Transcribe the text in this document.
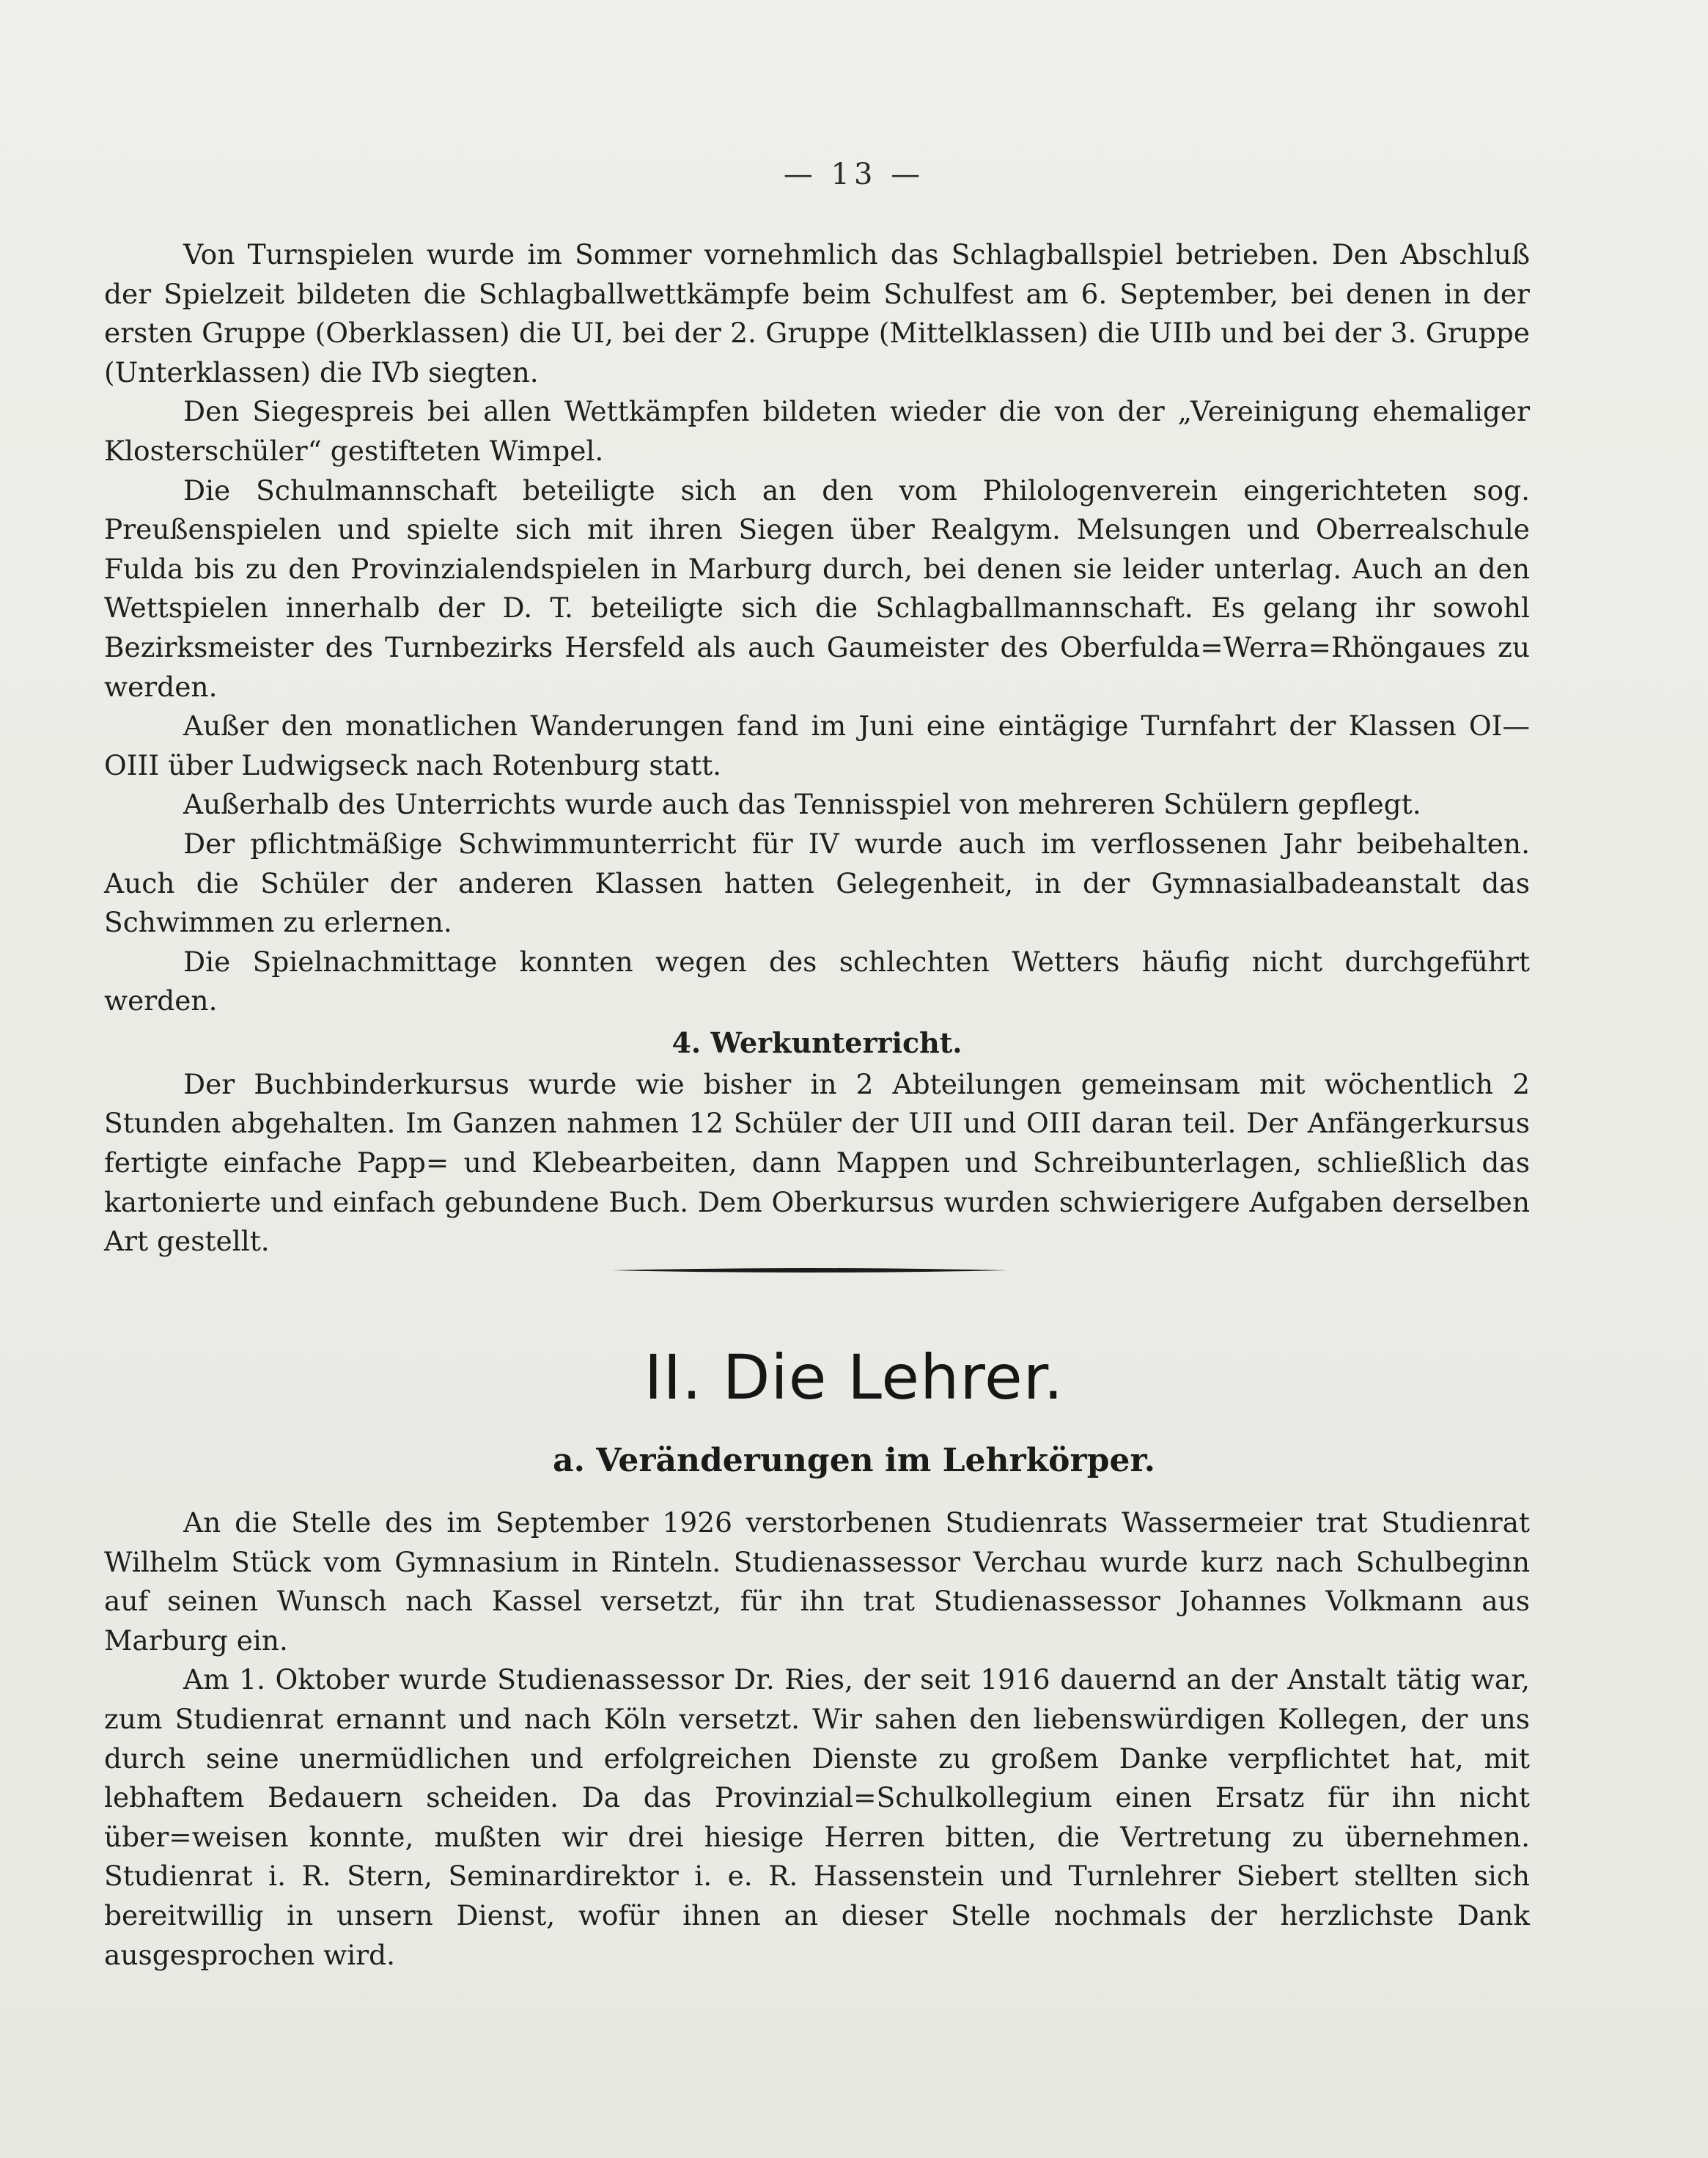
— 13 —

Von Turnspielen wurde im Sommer vornehmlich das Schlagballspiel betrieben. Den Abschluß der Spielzeit bildeten die Schlagballwettkämpfe beim Schulfest am 6. September, bei denen in der ersten Gruppe (Oberklassen) die UI, bei der 2. Gruppe (Mittelklassen) die UIIb und bei der 3. Gruppe (Unterklassen) die IVb siegten.

Den Siegespreis bei allen Wettkämpfen bildeten wieder die von der „Vereinigung ehemaliger Klosterschüler“ gestifteten Wimpel.

Die Schulmannschaft beteiligte sich an den vom Philologenverein eingerichteten sog. Preußenspielen und spielte sich mit ihren Siegen über Realgym. Melsungen und Oberrealschule Fulda bis zu den Provinzialendspielen in Marburg durch, bei denen sie leider unterlag. Auch an den Wettspielen innerhalb der D. T. beteiligte sich die Schlagballmannschaft. Es gelang ihr sowohl Bezirksmeister des Turnbezirks Hersfeld als auch Gaumeister des Oberfulda=Werra=Rhöngaues zu werden.

Außer den monatlichen Wanderungen fand im Juni eine eintägige Turnfahrt der Klassen OI—OIII über Ludwigseck nach Rotenburg statt.

Außerhalb des Unterrichts wurde auch das Tennisspiel von mehreren Schülern gepflegt.

Der pflichtmäßige Schwimmunterricht für IV wurde auch im verflossenen Jahr beibehalten. Auch die Schüler der anderen Klassen hatten Gelegenheit, in der Gymnasialbadeanstalt das Schwimmen zu erlernen.

Die Spielnachmittage konnten wegen des schlechten Wetters häufig nicht durchgeführt werden.

4. Werkunterricht.

Der Buchbinderkursus wurde wie bisher in 2 Abteilungen gemeinsam mit wöchentlich 2 Stunden abgehalten. Im Ganzen nahmen 12 Schüler der UII und OIII daran teil. Der Anfängerkursus fertigte einfache Papp= und Klebearbeiten, dann Mappen und Schreibunterlagen, schließlich das kartonierte und einfach gebundene Buch. Dem Oberkursus wurden schwierigere Aufgaben derselben Art gestellt.

II. Die Lehrer.
a. Veränderungen im Lehrkörper.

An die Stelle des im September 1926 verstorbenen Studienrats Wassermeier trat Studienrat Wilhelm Stück vom Gymnasium in Rinteln. Studienassessor Verchau wurde kurz nach Schulbeginn auf seinen Wunsch nach Kassel versetzt, für ihn trat Studienassessor Johannes Volkmann aus Marburg ein.

Am 1. Oktober wurde Studienassessor Dr. Ries, der seit 1916 dauernd an der Anstalt tätig war, zum Studienrat ernannt und nach Köln versetzt. Wir sahen den liebenswürdigen Kollegen, der uns durch seine unermüdlichen und erfolgreichen Dienste zu großem Danke verpflichtet hat, mit lebhaftem Bedauern scheiden. Da das Provinzial=Schulkollegium einen Ersatz für ihn nicht über=weisen konnte, mußten wir drei hiesige Herren bitten, die Vertretung zu übernehmen. Studienrat i. R. Stern, Seminardirektor i. e. R. Hassenstein und Turnlehrer Siebert stellten sich bereitwillig in unsern Dienst, wofür ihnen an dieser Stelle nochmals der herzlichste Dank ausgesprochen wird.
